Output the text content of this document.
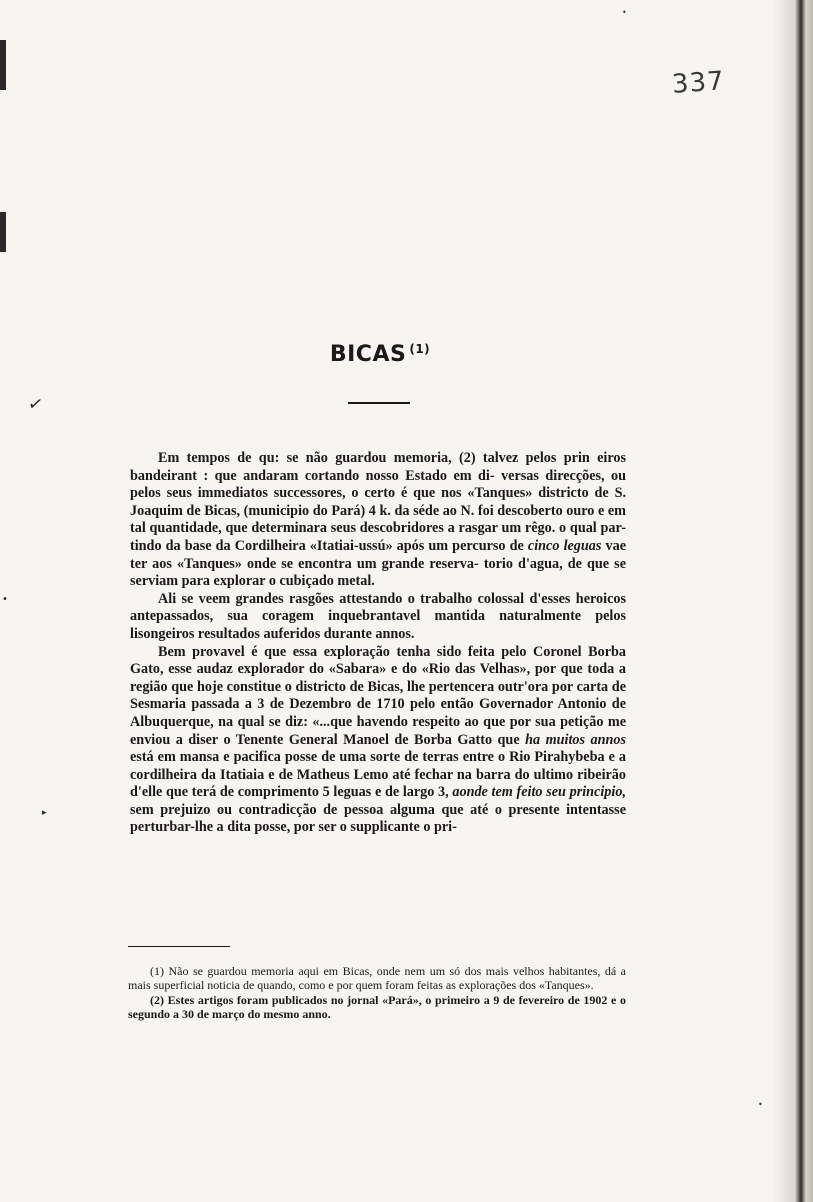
337
•
✓
•
▸
•
BICAS $^{(1)}$

Em tempos de qu: se não guardou memoria, (2) talvez pelos prin eiros bandeirant : que andaram cortando nosso Estado em di- versas direcções, ou pelos seus immediatos successores, o certo é que nos «Tanques» districto de S. Joaquim de Bicas, (municipio do Pará) 4 k. da séde ao N. foi descoberto ouro e em tal quantidade, que determinara seus descobridores a rasgar um rêgo. o qual par- tindo da base da Cordilheira «Itatiai-ussú» após um percurso de cinco leguas vae ter aos «Tanques» onde se encontra um grande reserva- torio d'agua, de que se serviam para explorar o cubiçado metal.

Ali se veem grandes rasgões attestando o trabalho colossal d'esses heroicos antepassados, sua coragem inquebrantavel mantida naturalmente pelos lisongeiros resultados auferidos durante annos.

Bem provavel é que essa exploração tenha sido feita pelo Coronel Borba Gato, esse audaz explorador do «Sabara» e do «Rio das Velhas», por que toda a região que hoje constitue o districto de Bicas, lhe pertencera outr'ora por carta de Sesmaria passada a 3 de Dezembro de 1710 pelo então Governador Antonio de Albuquerque, na qual se diz: «...que havendo respeito ao que por sua petição me enviou a diser o Tenente General Manoel de Borba Gatto que ha muitos annos está em mansa e pacifica posse de uma sorte de terras entre o Rio Pirahybeba e a cordilheira da Itatiaia e de Matheus Lemo até fechar na barra do ultimo ribeirão d'elle que terá de comprimento 5 leguas e de largo 3, aonde tem feito seu principio, sem prejuizo ou contradicção de pessoa alguma que até o presente intentasse perturbar-lhe a dita posse, por ser o supplicante o pri-

(1) Não se guardou memoria aqui em Bicas, onde nem um só dos mais velhos habitantes, dá a mais superficial noticia de quando, como e por quem foram feitas as explorações dos «Tanques».

(2) Estes artigos foram publicados no jornal «Pará», o primeiro a 9 de fevereiro de 1902 e o segundo a 30 de março do mesmo anno.
